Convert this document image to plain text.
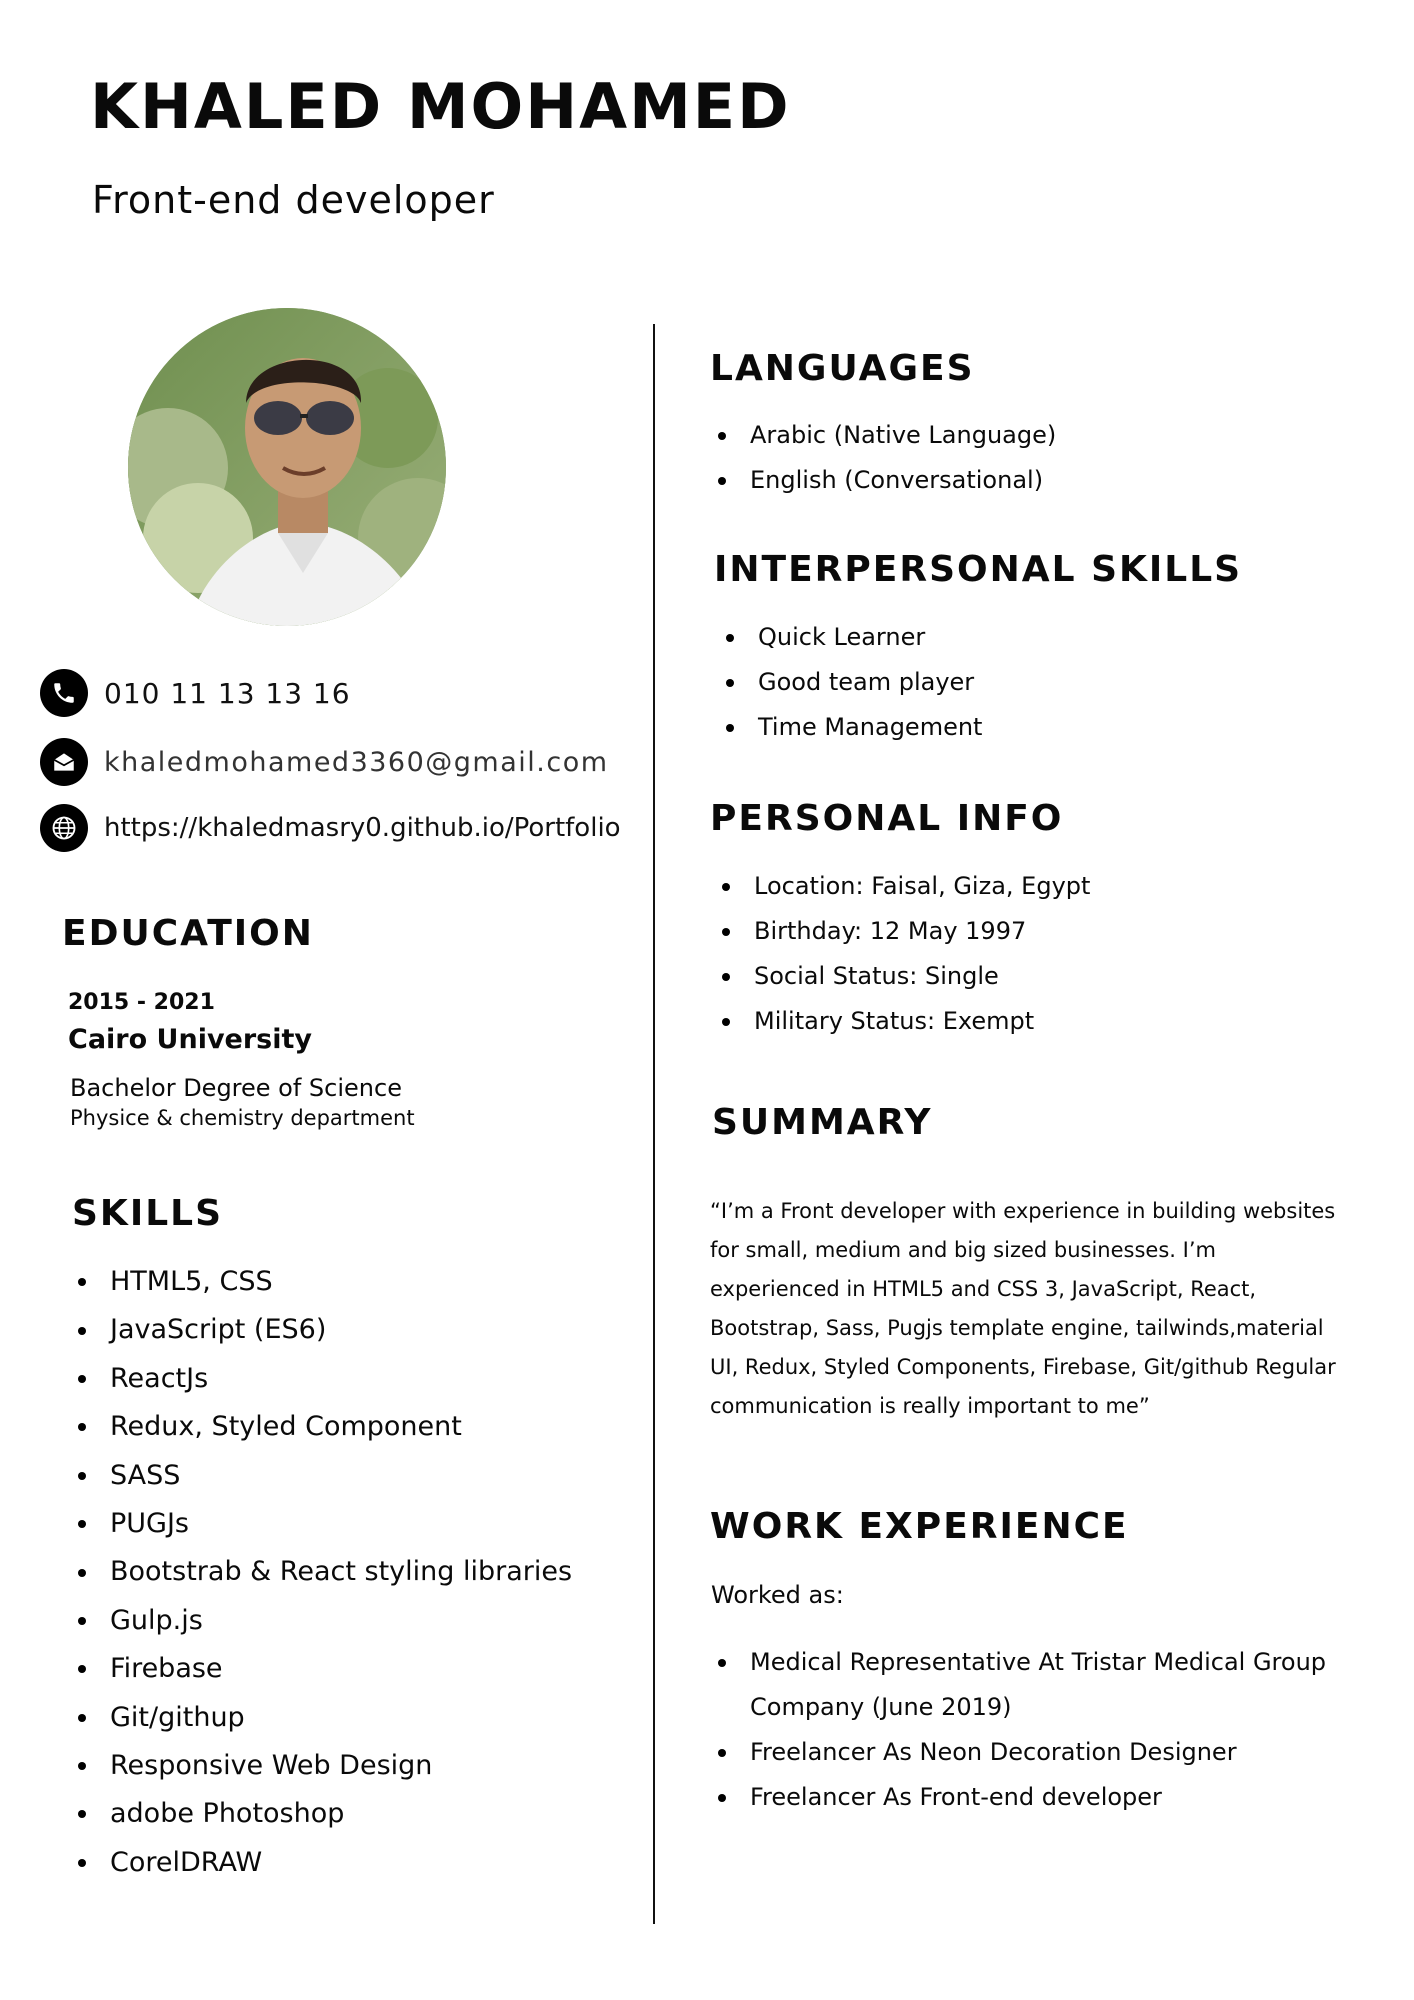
KHALED MOHAMED
Front-end developer
010 11 13 13 16
khaledmohamed3360@gmail.com
https://khaledmasry0.github.io/Portfolio
EDUCATION
2015 - 2021
Cairo University
Bachelor Degree of Science
Physice & chemistry department
SKILLS
HTML5, CSS
JavaScript (ES6)
ReactJs
Redux, Styled Component
SASS
PUGJs
Bootstrab & React styling libraries
Gulp.js
Firebase
Git/githup
Responsive Web Design
adobe Photoshop
CorelDRAW
LANGUAGES
Arabic (Native Language)
English (Conversational)
INTERPERSONAL SKILLS
Quick Learner
Good team player
Time Management
PERSONAL INFO
Location: Faisal, Giza, Egypt
Birthday: 12 May 1997
Social Status: Single
Military Status: Exempt
SUMMARY

“I’m a Front developer with experience in building websites for small, medium and big sized businesses. I’m experienced in HTML5 and CSS 3, JavaScript, React, Bootstrap, Sass, Pugjs template engine, tailwinds,material UI, Redux, Styled Components, Firebase, Git/github Regular communication is really important to me”

WORK EXPERIENCE
Worked as:
Medical Representative At Tristar Medical Group
Company (June 2019)
Freelancer As Neon Decoration Designer
Freelancer As Front-end developer
